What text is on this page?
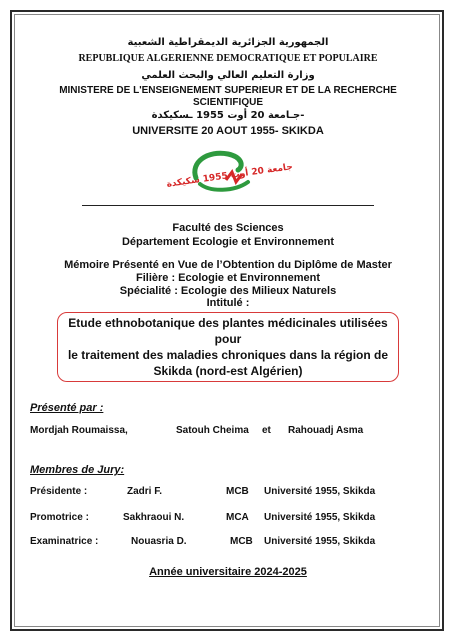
الجمهورية الجزائرية الديمقراطية الشعبية
REPUBLIQUE ALGERIENNE DEMOCRATIQUE ET POPULAIRE
وزارة التعليم العالي والبحث العلمي
MINISTERE DE L'ENSEIGNEMENT SUPERIEUR ET DE LA RECHERCHE
SCIENTIFIQUE
جـامعة 20 أوت 1955 ـسكيكدة-
UNIVERSITE 20 AOUT 1955- SKIKDA
جامعة 20 أوت 1955 سكيكدة
Faculté des Sciences
Département Ecologie et Environnement
Mémoire Présenté en Vue de l’Obtention du Diplôme de Master
Filière : Ecologie et Environnement
Spécialité : Ecologie des Milieux Naturels
Intitulé :
Etude ethnobotanique des plantes médicinales utilisées pour
le traitement des maladies chroniques dans la région de
Skikda (nord-est Algérien)
Présenté par :
Mordjah Roumaissa,	Satouh Cheima et Rahouadj Asma
Membres de Jury:
Présidente :	Zadri F.	MCB Université 1955, Skikda
Promotrice :	Sakhraoui N.	MCA Université 1955, Skikda
Examinatrice :	Nouasria D.	MCB Université 1955, Skikda
Année universitaire 2024-2025
